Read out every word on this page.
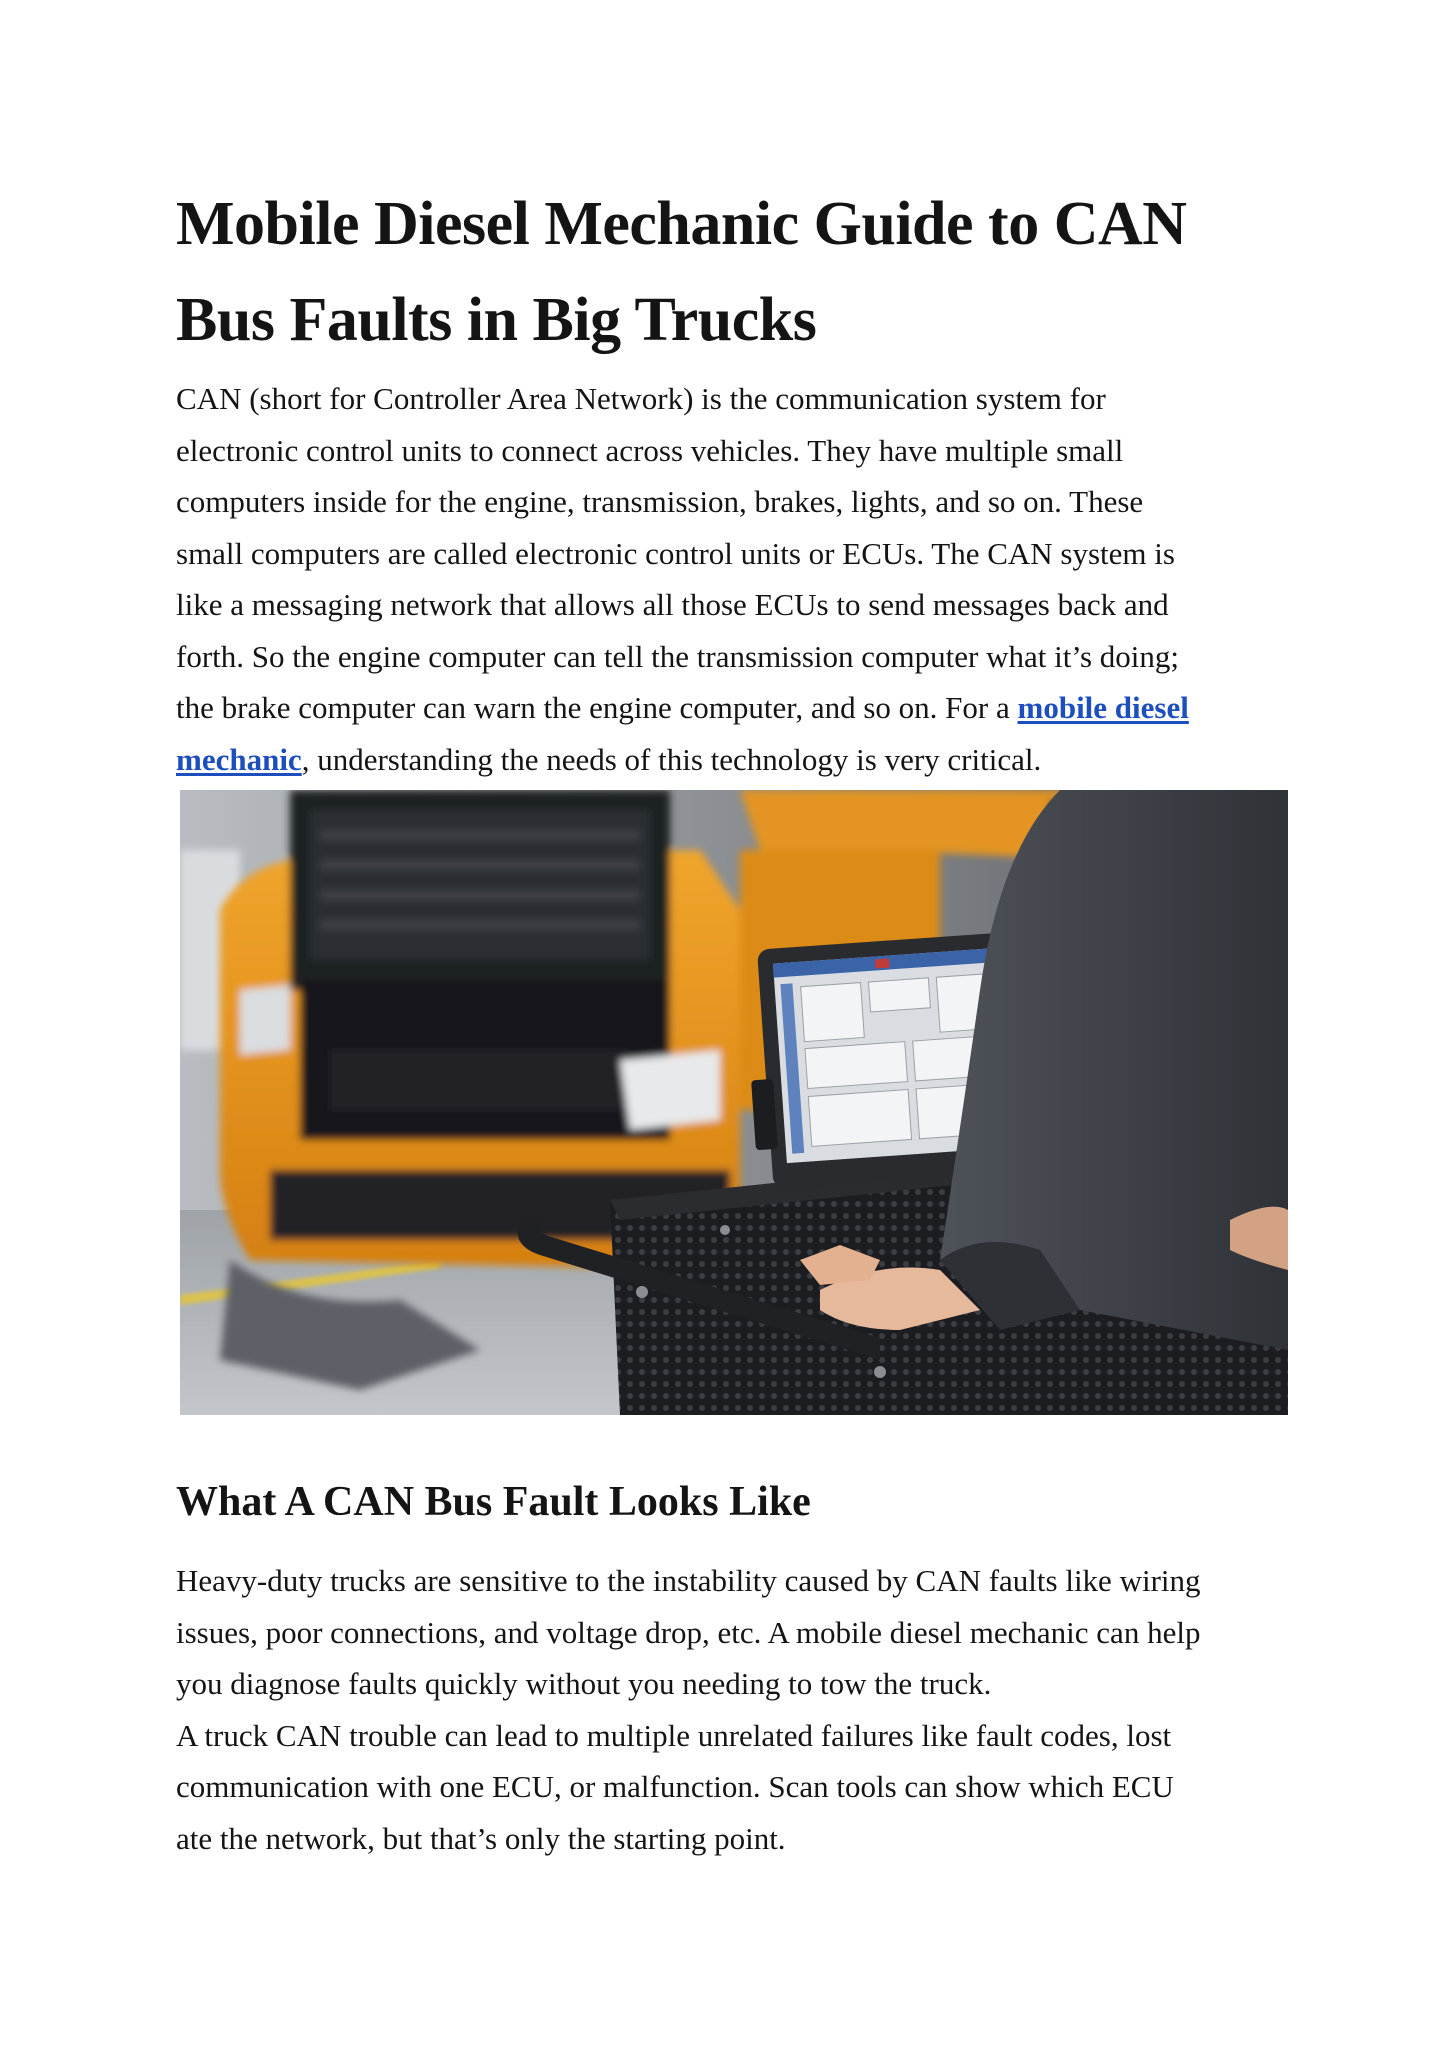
Mobile Diesel Mechanic Guide to CAN
Bus Faults in Big Trucks

CAN (short for Controller Area Network) is the communication system for
electronic control units to connect across vehicles. They have multiple small
computers inside for the engine, transmission, brakes, lights, and so on. These
small computers are called electronic control units or ECUs. The CAN system is
like a messaging network that allows all those ECUs to send messages back and
forth. So the engine computer can tell the transmission computer what it’s doing;
the brake computer can warn the engine computer, and so on. For a mobile diesel
mechanic, understanding the needs of this technology is very critical.

What A CAN Bus Fault Looks Like

Heavy-duty trucks are sensitive to the instability caused by CAN faults like wiring
issues, poor connections, and voltage drop, etc. A mobile diesel mechanic can help
you diagnose faults quickly without you needing to tow the truck.
A truck CAN trouble can lead to multiple unrelated failures like fault codes, lost
communication with one ECU, or malfunction. Scan tools can show which ECU
ate the network, but that’s only the starting point.
